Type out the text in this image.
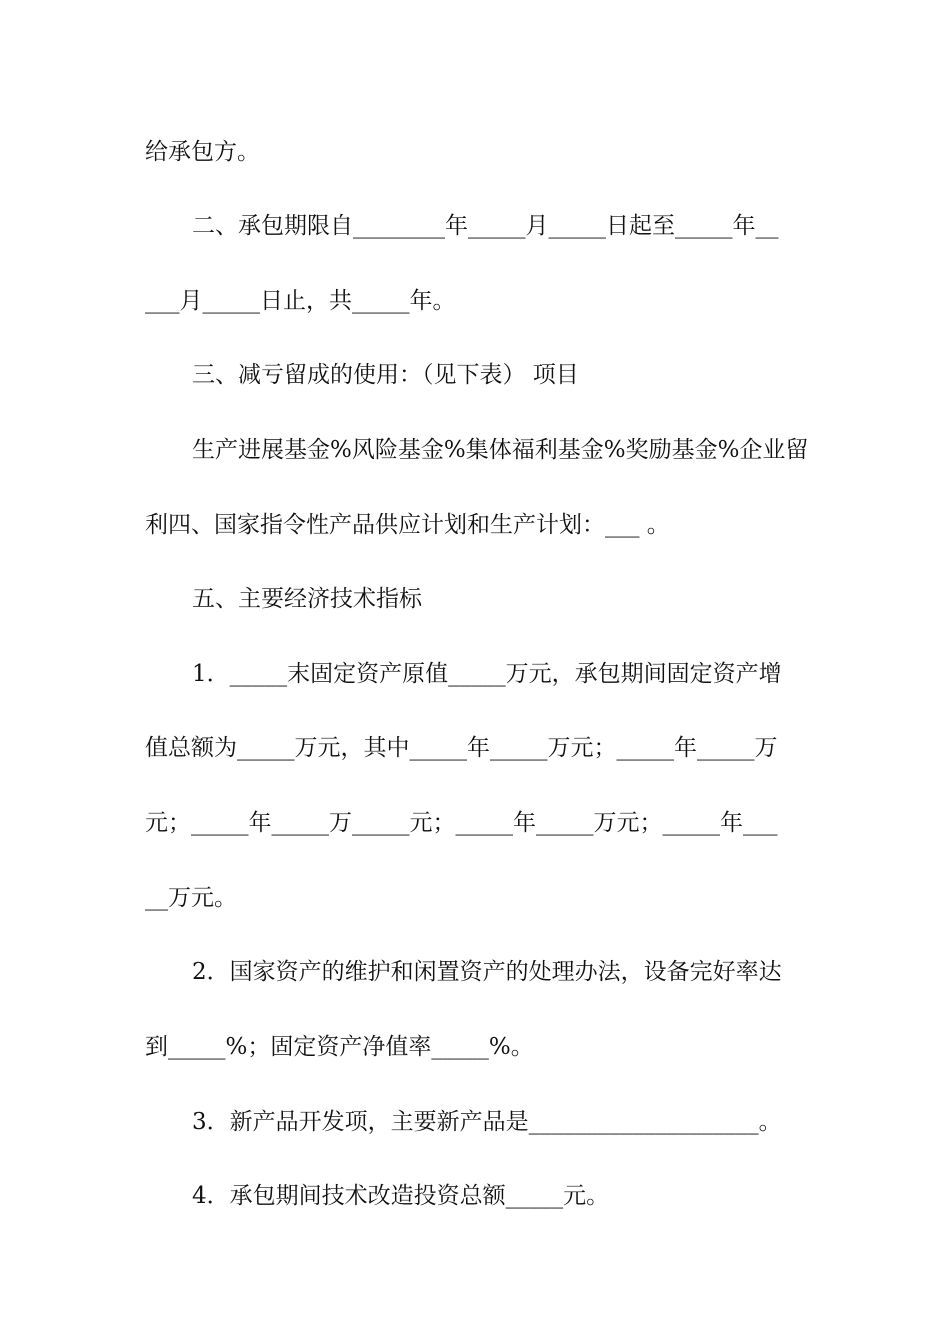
给承包方。
二、承包期限自________年_____月_____日起至_____年__
___月_____日止，共_____年。
三、减亏留成的使用：（见下表） 项目
生产进展基金%风险基金%集体福利基金%奖励基金%企业留
利四、国家指令性产品供应计划和生产计划：___ 。
五、主要经济技术指标
1．_____末固定资产原值_____万元，承包期间固定资产增
值总额为_____万元，其中_____年_____万元；_____年_____万
元；_____年_____万_____元；_____年_____万元；_____年___
__万元。
2．国家资产的维护和闲置资产的处理办法，设备完好率达
到_____%；固定资产净值率_____%。
3．新产品开发项，主要新产品是____________________。
4．承包期间技术改造投资总额_____元。
